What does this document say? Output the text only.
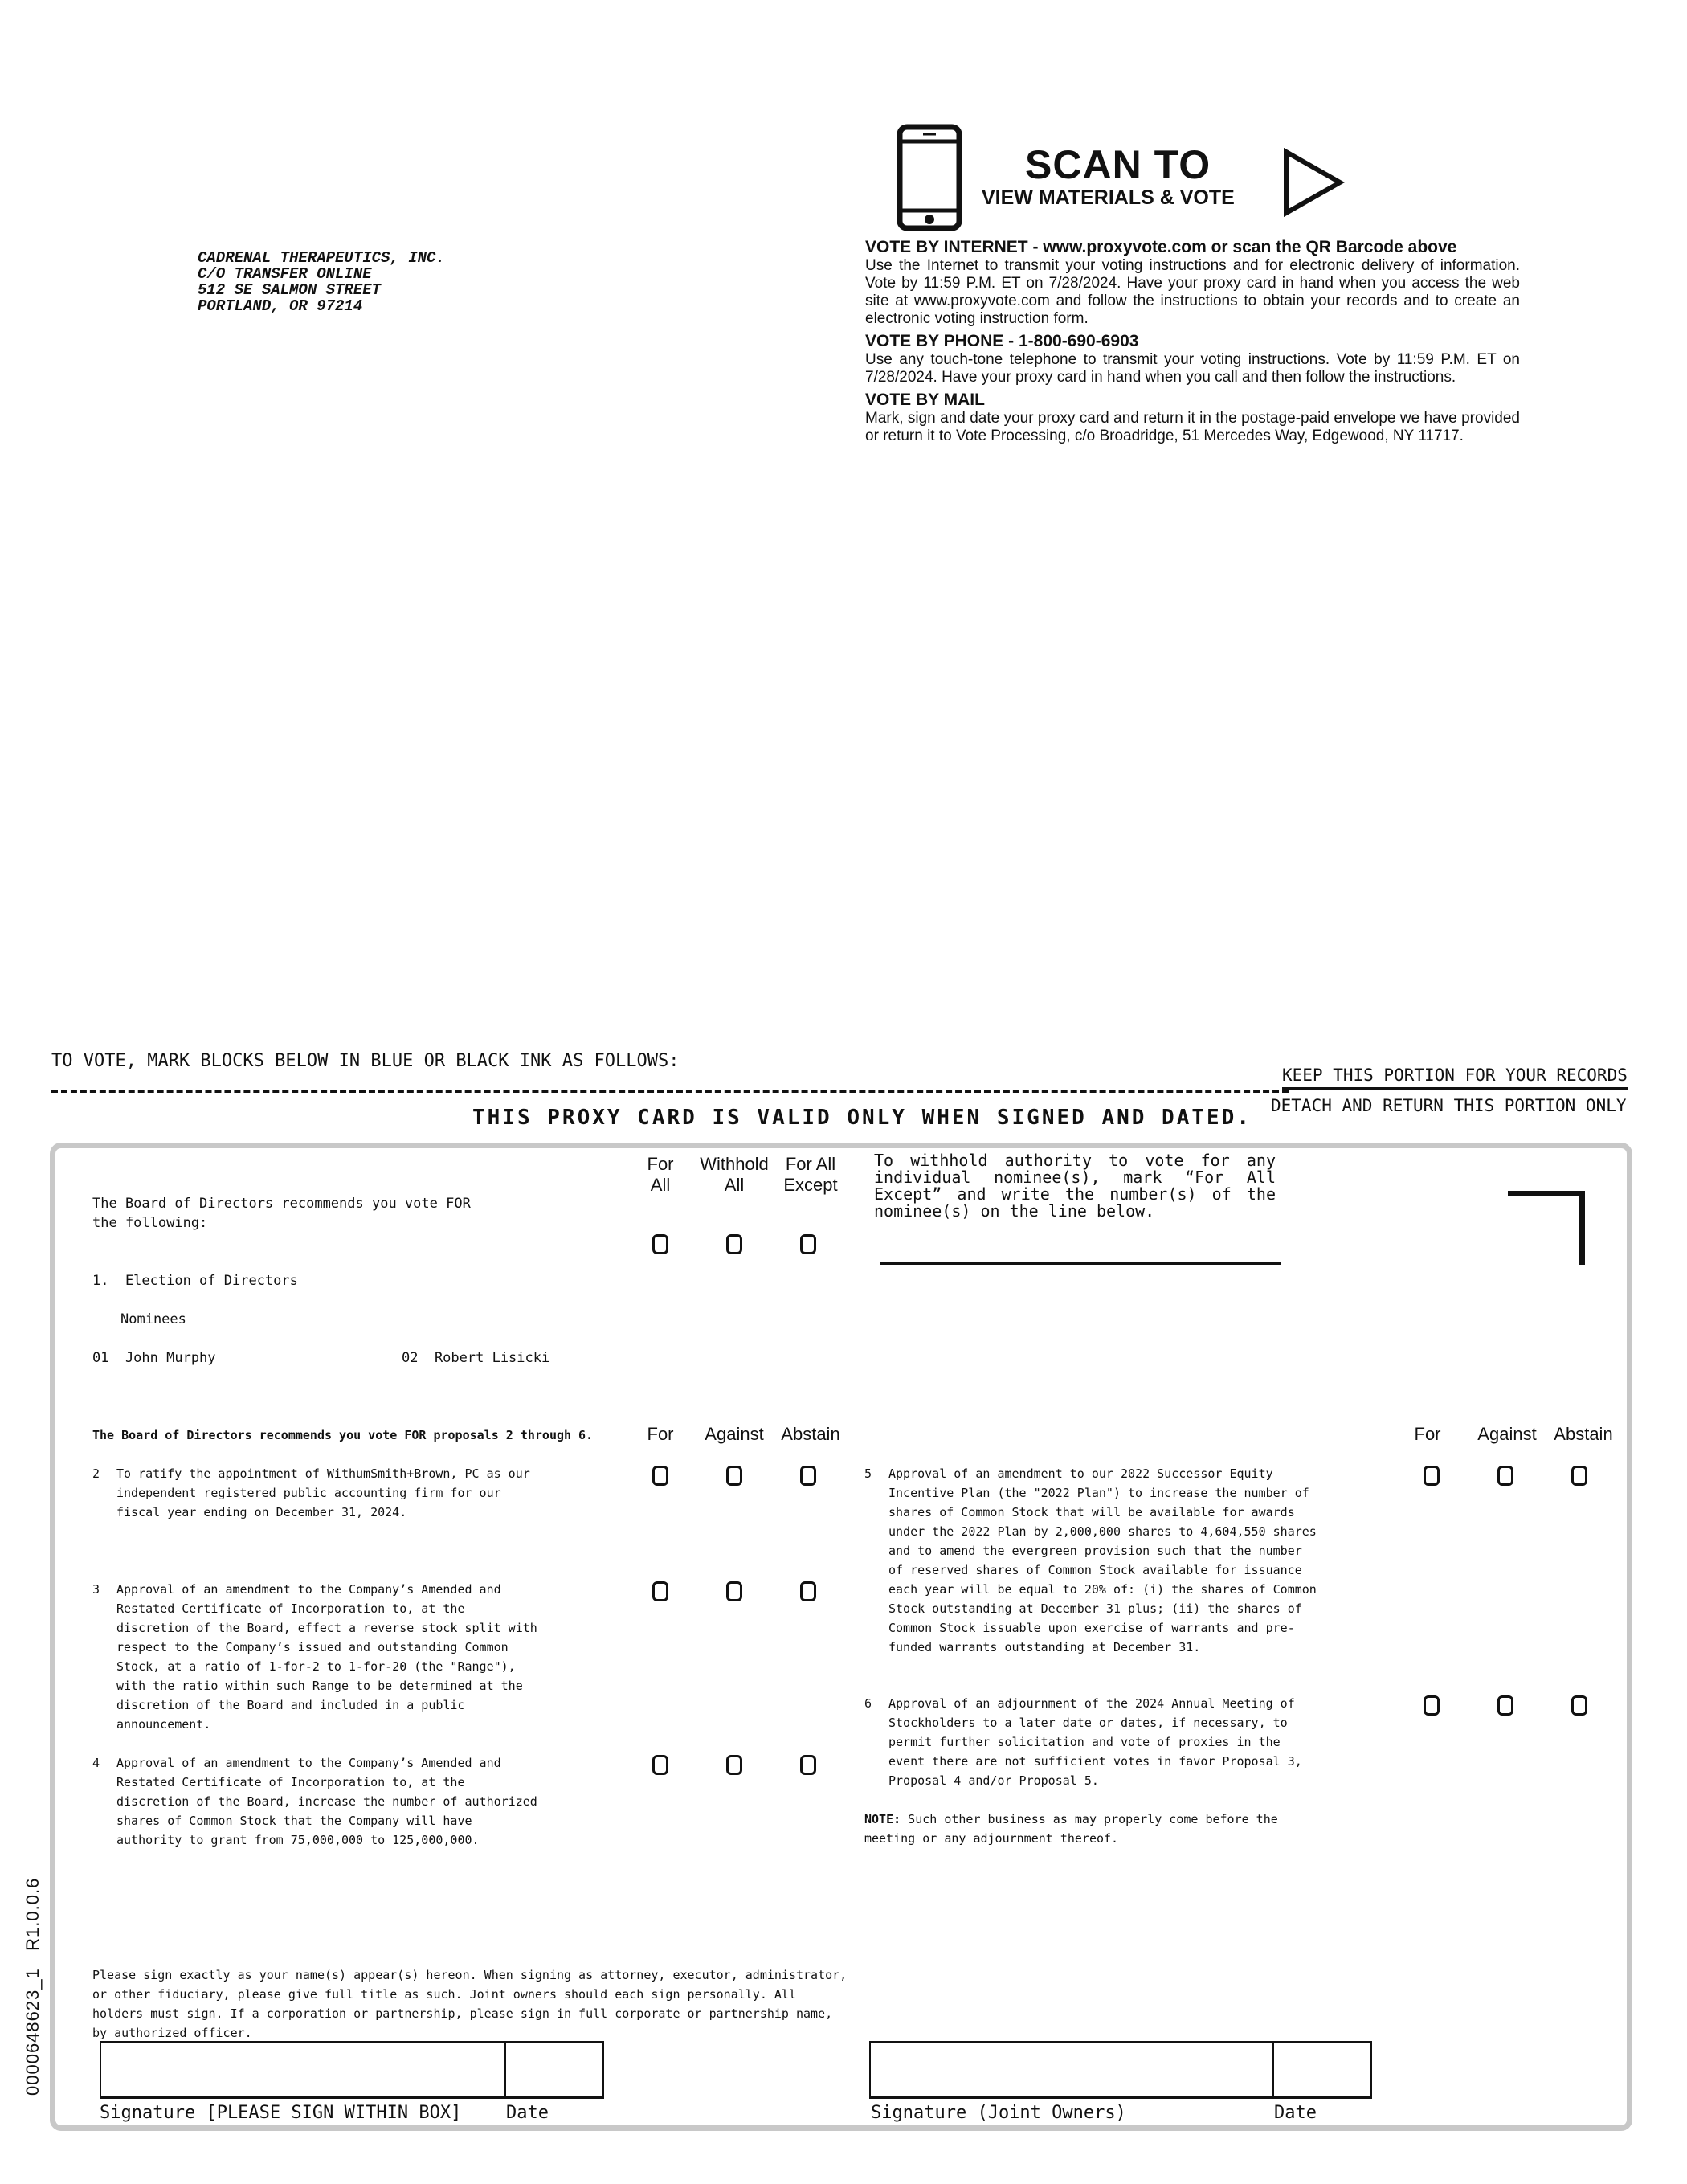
CADRENAL THERAPEUTICS, INC.
C/O TRANSFER ONLINE
512 SE SALMON STREET
PORTLAND, OR 97214
SCAN TO
VIEW MATERIALS & VOTE
VOTE BY INTERNET - www.proxyvote.com or scan the QR Barcode above
Use the Internet to transmit your voting instructions and for electronic delivery of information. Vote by 11:59 P.M. ET on 7/28/2024. Have your proxy card in hand when you access the web site at www.proxyvote.com and follow the instructions to obtain your records and to create an electronic voting instruction form.
VOTE BY PHONE - 1-800-690-6903
Use any touch-tone telephone to transmit your voting instructions. Vote by 11:59 P.M. ET on 7/28/2024. Have your proxy card in hand when you call and then follow the instructions.
VOTE BY MAIL
Mark, sign and date your proxy card and return it in the postage-paid envelope we have provided or return it to Vote Processing, c/o Broadridge, 51 Mercedes Way, Edgewood, NY 11717.
TO VOTE, MARK BLOCKS BELOW IN BLUE OR BLACK INK AS FOLLOWS:
KEEP THIS PORTION FOR YOUR RECORDS
DETACH AND RETURN THIS PORTION ONLY
THIS PROXY CARD IS VALID ONLY WHEN SIGNED AND DATED.
The Board of Directors recommends you vote FOR
the following:
1.  Election of Directors
Nominees
01  John Murphy	02  Robert Lisicki
For
All
Withhold
All
For All
Except
To withhold authority to vote for any individual nominee(s), mark “For All Except” and write the number(s) of the nominee(s) on the line below.
The Board of Directors recommends you vote FOR proposals 2 through 6.	For	Against Abstain	For	Against Abstain
2 To ratify the appointment of WithumSmith+Brown, PC as our independent registered public accounting firm for our fiscal year ending on December 31, 2024.
3 Approval of an amendment to the Company’s Amended and Restated Certificate of Incorporation to, at the discretion of the Board, effect a reverse stock split with respect to the Company’s issued and outstanding Common Stock, at a ratio of 1-for-2 to 1-for-20 (the "Range"), with the ratio within such Range to be determined at the discretion of the Board and included in a public announcement.
4 Approval of an amendment to the Company’s Amended and Restated Certificate of Incorporation to, at the discretion of the Board, increase the number of authorized shares of Common Stock that the Company will have authority to grant from 75,000,000 to 125,000,000.
5 Approval of an amendment to our 2022 Successor Equity Incentive Plan (the "2022 Plan") to increase the number of shares of Common Stock that will be available for awards under the 2022 Plan by 2,000,000 shares to 4,604,550 shares and to amend the evergreen provision such that the number of reserved shares of Common Stock available for issuance each year will be equal to 20% of: (i) the shares of Common Stock outstanding at December 31 plus; (ii) the shares of Common Stock issuable upon exercise of warrants and pre-funded warrants outstanding at December 31.
6 Approval of an adjournment of the 2024 Annual Meeting of Stockholders to a later date or dates, if necessary, to permit further solicitation and vote of proxies in the event there are not sufficient votes in favor Proposal 3, Proposal 4 and/or Proposal 5.
NOTE: Such other business as may properly come before the meeting or any adjournment thereof.
Please sign exactly as your name(s) appear(s) hereon. When signing as attorney, executor, administrator, or other fiduciary, please give full title as such. Joint owners should each sign personally. All holders must sign. If a corporation or partnership, please sign in full corporate or partnership name, by authorized officer.
Signature [PLEASE SIGN WITHIN BOX]	Date	Signature (Joint Owners)	Date
0000648623_1   R1.0.0.6
